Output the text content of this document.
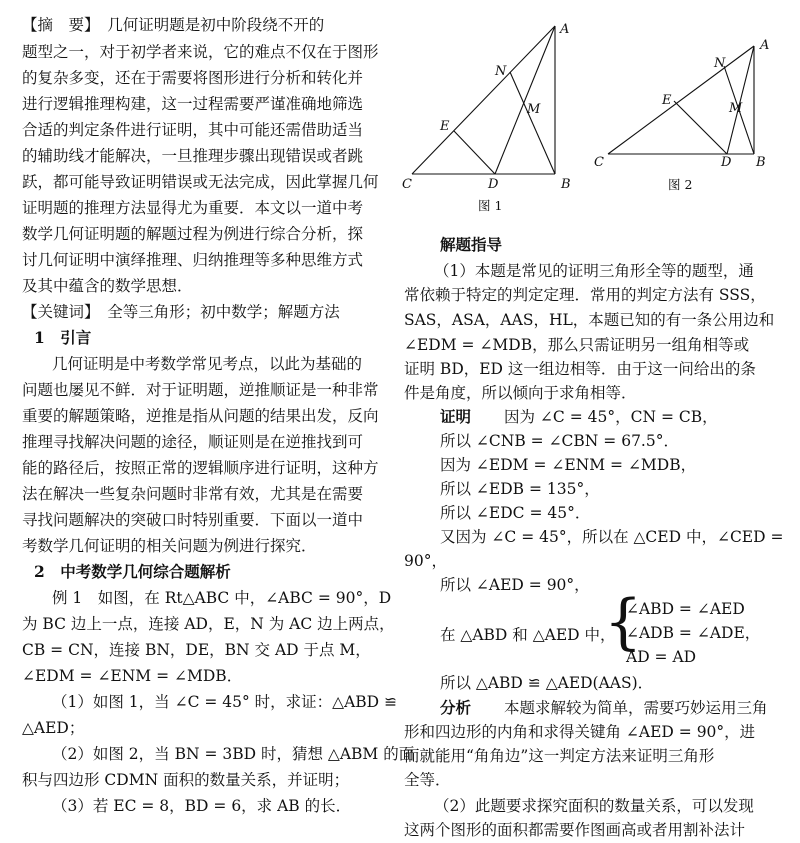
【摘　要】　几何证明题是初中阶段绕不开的
题型之一，对于初学者来说，它的难点不仅在于图形
的复杂多变，还在于需要将图形进行分析和转化并
进行逻辑推理构建，这一过程需要严谨准确地筛选
合适的判定条件进行证明，其中可能还需借助适当
的辅助线才能解决，一旦推理步骤出现错误或者跳
跃，都可能导致证明错误或无法完成，因此掌握几何
证明题的推理方法显得尤为重要．本文以一道中考
数学几何证明题的解题过程为例进行综合分析，探
讨几何证明中演绎推理、归纳推理等多种思维方式
及其中蕴含的数学思想．
【关键词】　全等三角形；初中数学；解题方法
1　引言
几何证明是中考数学常见考点，以此为基础的
问题也屡见不鲜．对于证明题，逆推顺证是一种非常
重要的解题策略，逆推是指从问题的结果出发，反向
推理寻找解决问题的途径，顺证则是在逆推找到可
能的路径后，按照正常的逻辑顺序进行证明，这种方
法在解决一些复杂问题时非常有效，尤其是在需要
寻找问题解决的突破口时特别重要．下面以一道中
考数学几何证明的相关问题为例进行探究．
2　中考数学几何综合题解析
例 1　如图，在 Rt△ABC 中，∠ABC = 90°，D
为 BC 边上一点，连接 AD，E，N 为 AC 边上两点，
CB = CN，连接 BN，DE，BN 交 AD 于点 M，
∠EDM = ∠ENM = ∠MDB．
（1）如图 1，当 ∠C = 45° 时，求证：△ABD ≌
△AED；
（2）如图 2，当 BN = 3BD 时，猜想 △ABM 的面
积与四边形 CDMN 面积的数量关系，并证明；
（3）若 EC = 8，BD = 6，求 AB 的长．
A
B
C	D
E
N
M
图 1
A
B
C	D
E
N
M
图 2
解题指导
（1）本题是常见的证明三角形全等的题型，通
常依赖于特定的判定定理．常用的判定方法有 SSS，
SAS，ASA，AAS，HL，本题已知的有一条公用边和
∠EDM = ∠MDB，那么只需证明另一组角相等或
证明 BD，ED 这一组边相等．由于这一问给出的条
件是角度，所以倾向于求角相等．
证明 因为 ∠C = 45°，CN = CB，
所以 ∠CNB = ∠CBN = 67.5°．
因为 ∠EDM = ∠ENM = ∠MDB，
所以 ∠EDB = 135°，
所以 ∠EDC = 45°．
又因为 ∠C = 45°，所以在 △CED 中，∠CED =
90°，
所以 ∠AED = 90°，
在 △ABD 和 △AED 中，
{
∠ABD = ∠AED
∠ADB = ∠ADE，
AD = AD
所以 △ABD ≌ △AED(AAS)．
分析 本题求解较为简单，需要巧妙运用三角
形和四边形的内角和求得关键角 ∠AED = 90°，进
而就能用“角角边”这一判定方法来证明三角形
全等．
（2）此题要求探究面积的数量关系，可以发现
这两个图形的面积都需要作图画高或者用割补法计
